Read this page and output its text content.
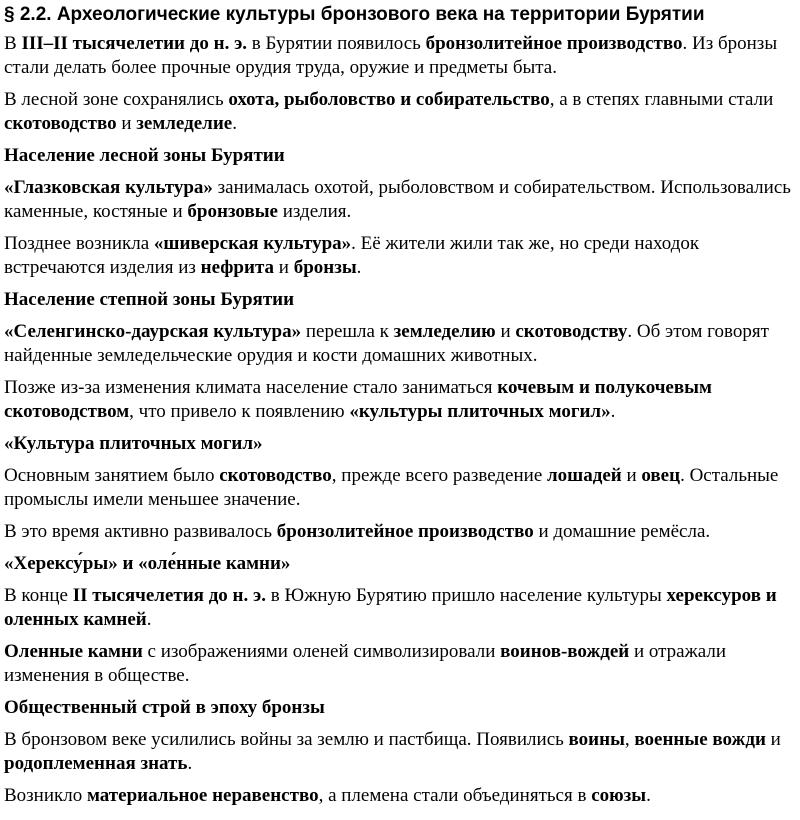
§ 2.2. Археологические культуры бронзового века на территории Бурятии
В III–II тысячелетии до н. э. в Бурятии появилось бронзолитейное производство. Из бронзы стали делать более прочные орудия труда, оружие и предметы быта.
В лесной зоне сохранялись охота, рыболовство и собирательство, а в степях главными стали скотоводство и земледелие.
Население лесной зоны Бурятии
«Глазковская культура» занималась охотой, рыболовством и собирательством. Использовались каменные, костяные и бронзовые изделия.
Позднее возникла «шиверская культура». Её жители жили так же, но среди находок встречаются изделия из нефрита и бронзы.
Население степной зоны Бурятии
«Селенгинско-даурская культура» перешла к земледелию и скотоводству. Об этом говорят найденные земледельческие орудия и кости домашних животных.
Позже из-за изменения климата население стало заниматься кочевым и полукочевым скотоводством, что привело к появлению «культуры плиточных могил».
«Культура плиточных могил»
Основным занятием было скотоводство, прежде всего разведение лошадей и овец. Остальные промыслы имели меньшее значение.
В это время активно развивалось бронзолитейное производство и домашние ремёсла.
«Херексу́ры» и «оле́нные камни»
В конце II тысячелетия до н. э. в Южную Бурятию пришло население культуры херексуров и оленных камней.
Оленные камни с изображениями оленей символизировали воинов-вождей и отражали изменения в обществе.
Общественный строй в эпоху бронзы
В бронзовом веке усилились войны за землю и пастбища. Появились воины, военные вожди и родоплеменная знать.
Возникло материальное неравенство, а племена стали объединяться в союзы.
